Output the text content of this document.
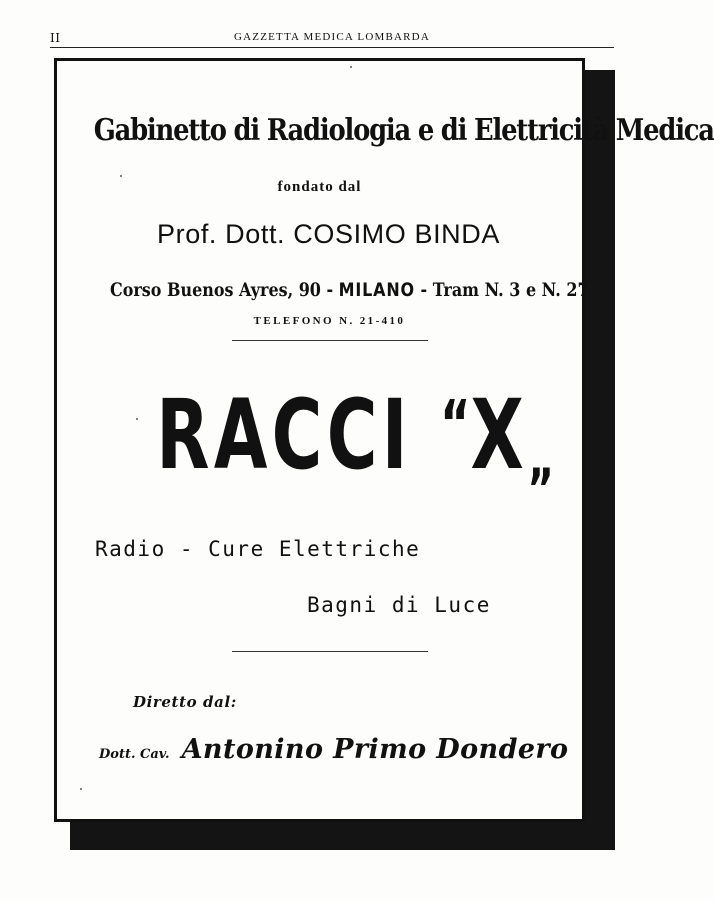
II	GAZZETTA MEDICA LOMBARDA
Gabinetto di Radiologia e di Elettricità Medica
fondato dal
Prof. Dott. COSIMO BINDA
Corso Buenos Ayres, 90 - MILANO - Tram N. 3 e N. 27
TELEFONO N. 21-410
RACCI “X„
Radio - Cure Elettriche
Bagni di Luce
Diretto dal:
Dott. Cav. Antonino Primo Dondero
